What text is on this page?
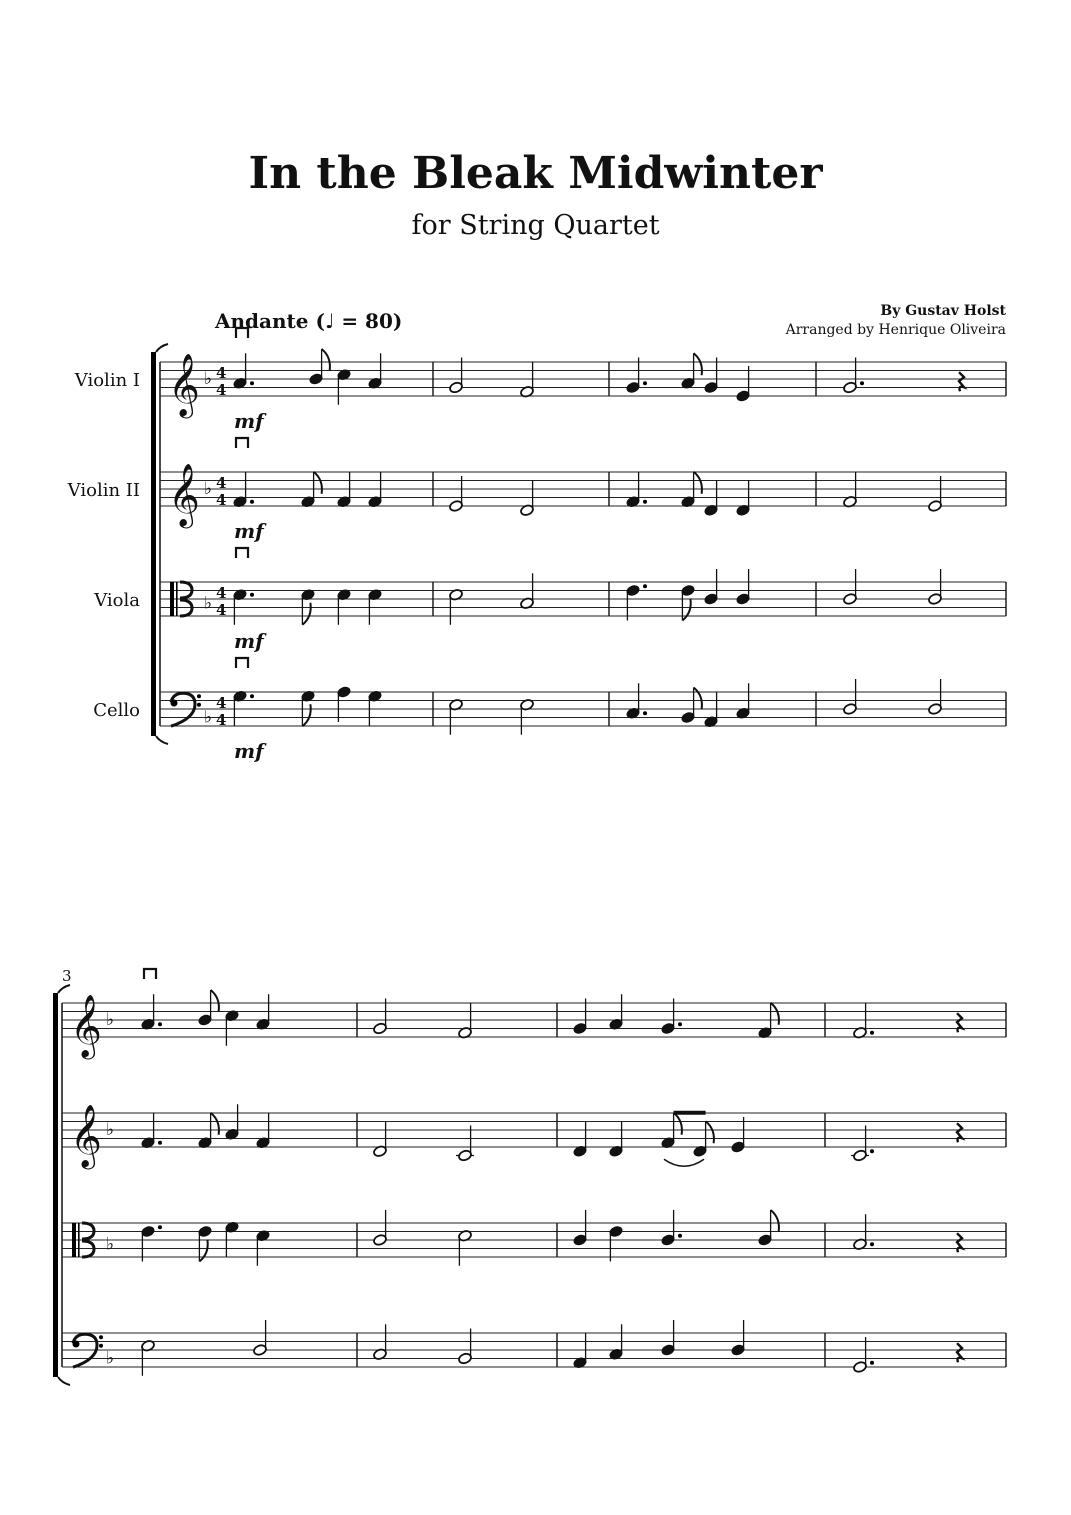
In the Bleak Midwinter
for String Quartet
By Gustav Holst
Arranged by Henrique Oliveira
Andante (♩ = 80)
𝄞 ♭
Violin I	4
4
mf
𝄞 ♭
Violin II	4
4
mf
♭
Viola	4
4
mf
♭
Cello	4
4
mf
3
𝄞 ♭
𝄞 ♭
♭
♭
